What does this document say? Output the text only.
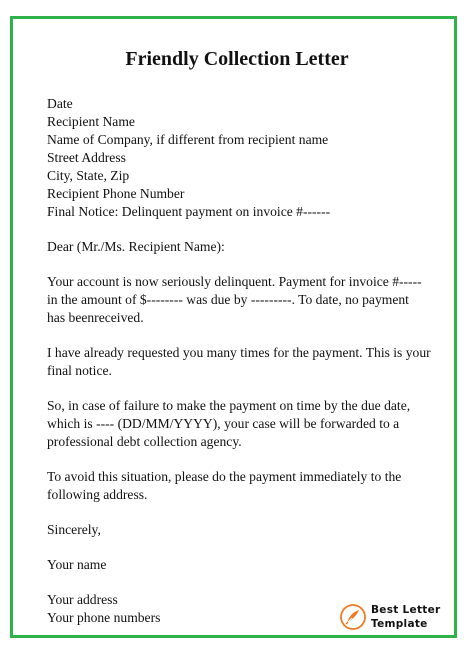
Friendly Collection Letter
Date
Recipient Name
Name of Company, if different from recipient name
Street Address
City, State, Zip
Recipient Phone Number
Final Notice: Delinquent payment on invoice #------
Dear (Mr./Ms. Recipient Name):
Your account is now seriously delinquent. Payment for invoice #-----
in the amount of $-------- was due by ---------. To date, no payment
has beenreceived.
I have already requested you many times for the payment. This is your
final notice.
So, in case of failure to make the payment on time by the due date,
which is ---- (DD/MM/YYYY), your case will be forwarded to a
professional debt collection agency.
To avoid this situation, please do the payment immediately to the
following address.
Sincerely,
Your name
Your address
Your phone numbers	Best Letter
Template
